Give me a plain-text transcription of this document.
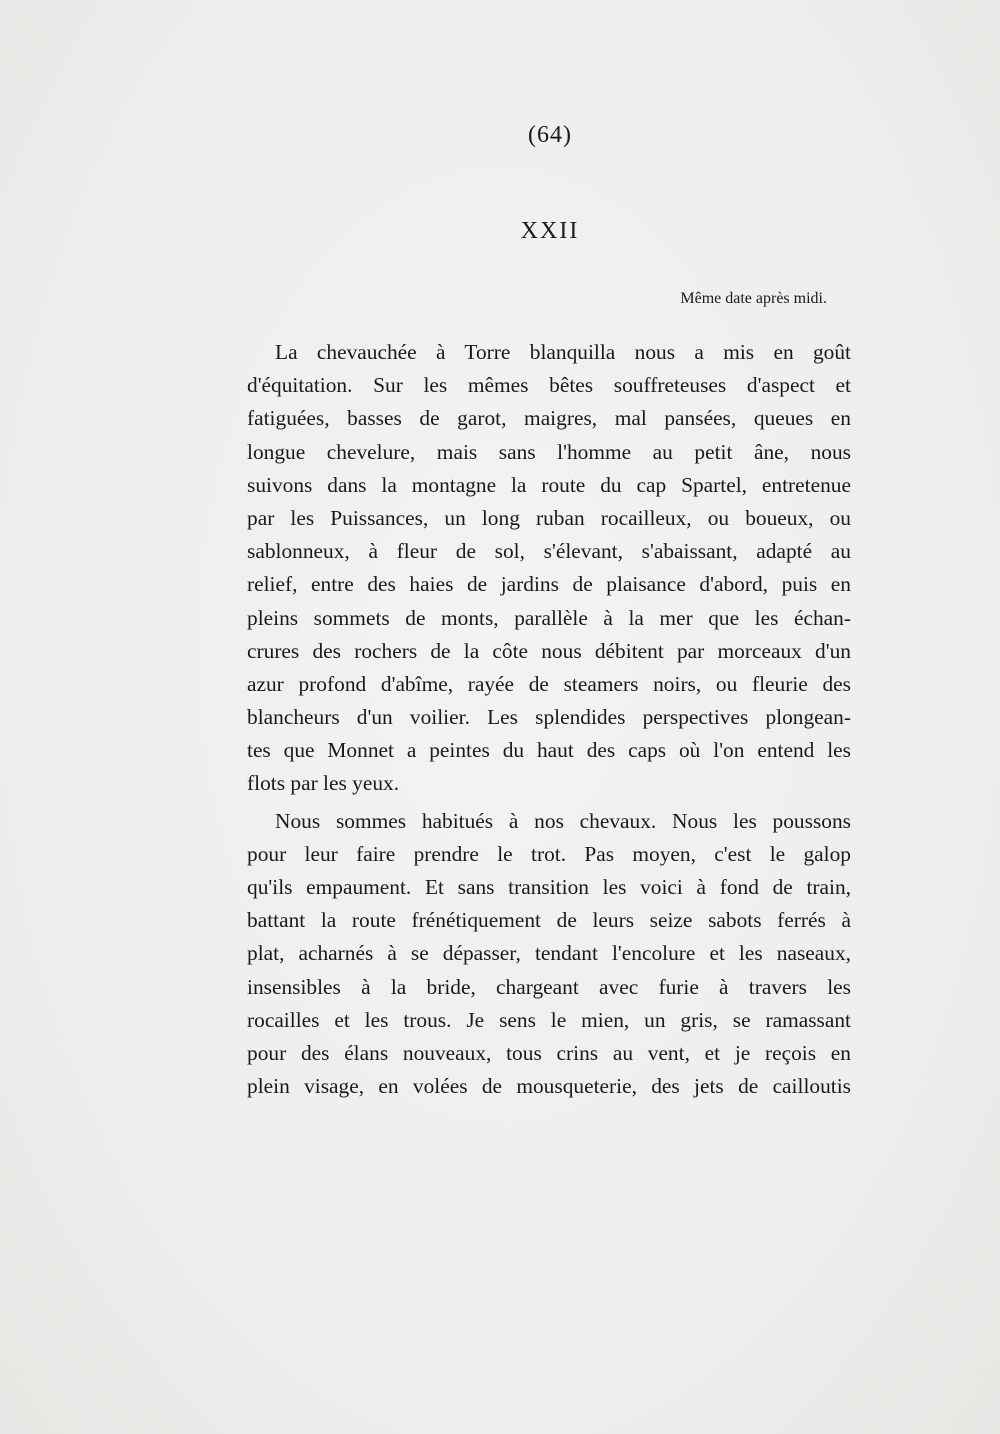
(64)
XXII
Même date après midi.
La chevauchée à Torre blanquilla nous a mis en goût
d'équitation. Sur les mêmes bêtes souffreteuses d'aspect et
fatiguées, basses de garot, maigres, mal pansées, queues en
longue chevelure, mais sans l'homme au petit âne, nous
suivons dans la montagne la route du cap Spartel, entretenue
par les Puissances, un long ruban rocailleux, ou boueux, ou
sablonneux, à fleur de sol, s'élevant, s'abaissant, adapté au
relief, entre des haies de jardins de plaisance d'abord, puis en
pleins sommets de monts, parallèle à la mer que les échan-
crures des rochers de la côte nous débitent par morceaux d'un
azur profond d'abîme, rayée de steamers noirs, ou fleurie des
blancheurs d'un voilier. Les splendides perspectives plongean-
tes que Monnet a peintes du haut des caps où l'on entend les
flots par les yeux.
Nous sommes habitués à nos chevaux. Nous les poussons
pour leur faire prendre le trot. Pas moyen, c'est le galop
qu'ils empaument. Et sans transition les voici à fond de train,
battant la route frénétiquement de leurs seize sabots ferrés à
plat, acharnés à se dépasser, tendant l'encolure et les naseaux,
insensibles à la bride, chargeant avec furie à travers les
rocailles et les trous. Je sens le mien, un gris, se ramassant
pour des élans nouveaux, tous crins au vent, et je reçois en
plein visage, en volées de mousqueterie, des jets de cailloutis
